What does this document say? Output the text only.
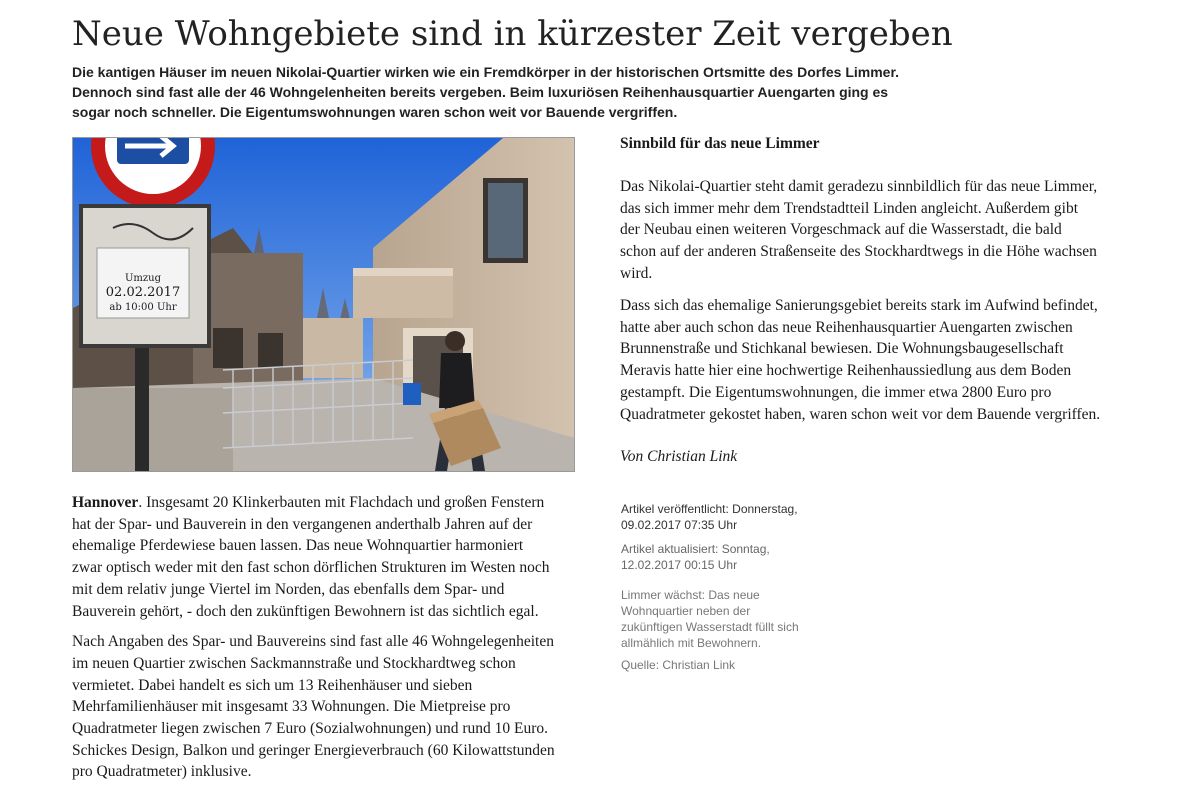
Neue Wohngebiete sind in kürzester Zeit vergeben
Die kantigen Häuser im neuen Nikolai-Quartier wirken wie ein Fremdkörper in der historischen Ortsmitte des Dorfes Limmer.
Dennoch sind fast alle der 46 Wohngelenheiten bereits vergeben. Beim luxuriösen Reihenhausquartier Auengarten ging es
sogar noch schneller. Die Eigentumswohnungen waren schon weit vor Bauende vergriffen.
Umzug
02.02.2017
ab 10:00 Uhr

Hannover. Insgesamt 20 Klinkerbauten mit Flachdach und großen Fenstern
hat der Spar- und Bauverein in den vergangenen anderthalb Jahren auf der
ehemalige Pferdewiese bauen lassen. Das neue Wohnquartier harmoniert
zwar optisch weder mit den fast schon dörflichen Strukturen im Westen noch
mit dem relativ junge Viertel im Norden, das ebenfalls dem Spar- und
Bauverein gehört, - doch den zukünftigen Bewohnern ist das sichtlich egal.

Nach Angaben des Spar- und Bauvereins sind fast alle 46 Wohngelegenheiten
im neuen Quartier zwischen Sackmannstraße und Stockhardtweg schon
vermietet. Dabei handelt es sich um 13 Reihenhäuser und sieben
Mehrfamilienhäuser mit insgesamt 33 Wohnungen. Die Mietpreise pro
Quadratmeter liegen zwischen 7 Euro (Sozialwohnungen) und rund 10 Euro.
Schickes Design, Balkon und geringer Energieverbrauch (60 Kilowattstunden
pro Quadratmeter) inklusive.

Sinnbild für das neue Limmer

Das Nikolai-Quartier steht damit geradezu sinnbildlich für das neue Limmer,
das sich immer mehr dem Trendstadtteil Linden angleicht. Außerdem gibt
der Neubau einen weiteren Vorgeschmack auf die Wasserstadt, die bald
schon auf der anderen Straßenseite des Stockhardtwegs in die Höhe wachsen
wird.

Dass sich das ehemalige Sanierungsgebiet bereits stark im Aufwind befindet,
hatte aber auch schon das neue Reihenhausquartier Auengarten zwischen
Brunnenstraße und Stichkanal bewiesen. Die Wohnungsbaugesellschaft
Meravis hatte hier eine hochwertige Reihenhaussiedlung aus dem Boden
gestampft. Die Eigentumswohnungen, die immer etwa 2800 Euro pro
Quadratmeter gekostet haben, waren schon weit vor dem Bauende vergriffen.

Von Christian Link

Artikel veröffentlicht: Donnerstag,
09.02.2017 07:35 Uhr
Artikel aktualisiert: Sonntag,
12.02.2017 00:15 Uhr
Limmer wächst: Das neue
Wohnquartier neben der
zukünftigen Wasserstadt füllt sich
allmählich mit Bewohnern.
Quelle: Christian Link
